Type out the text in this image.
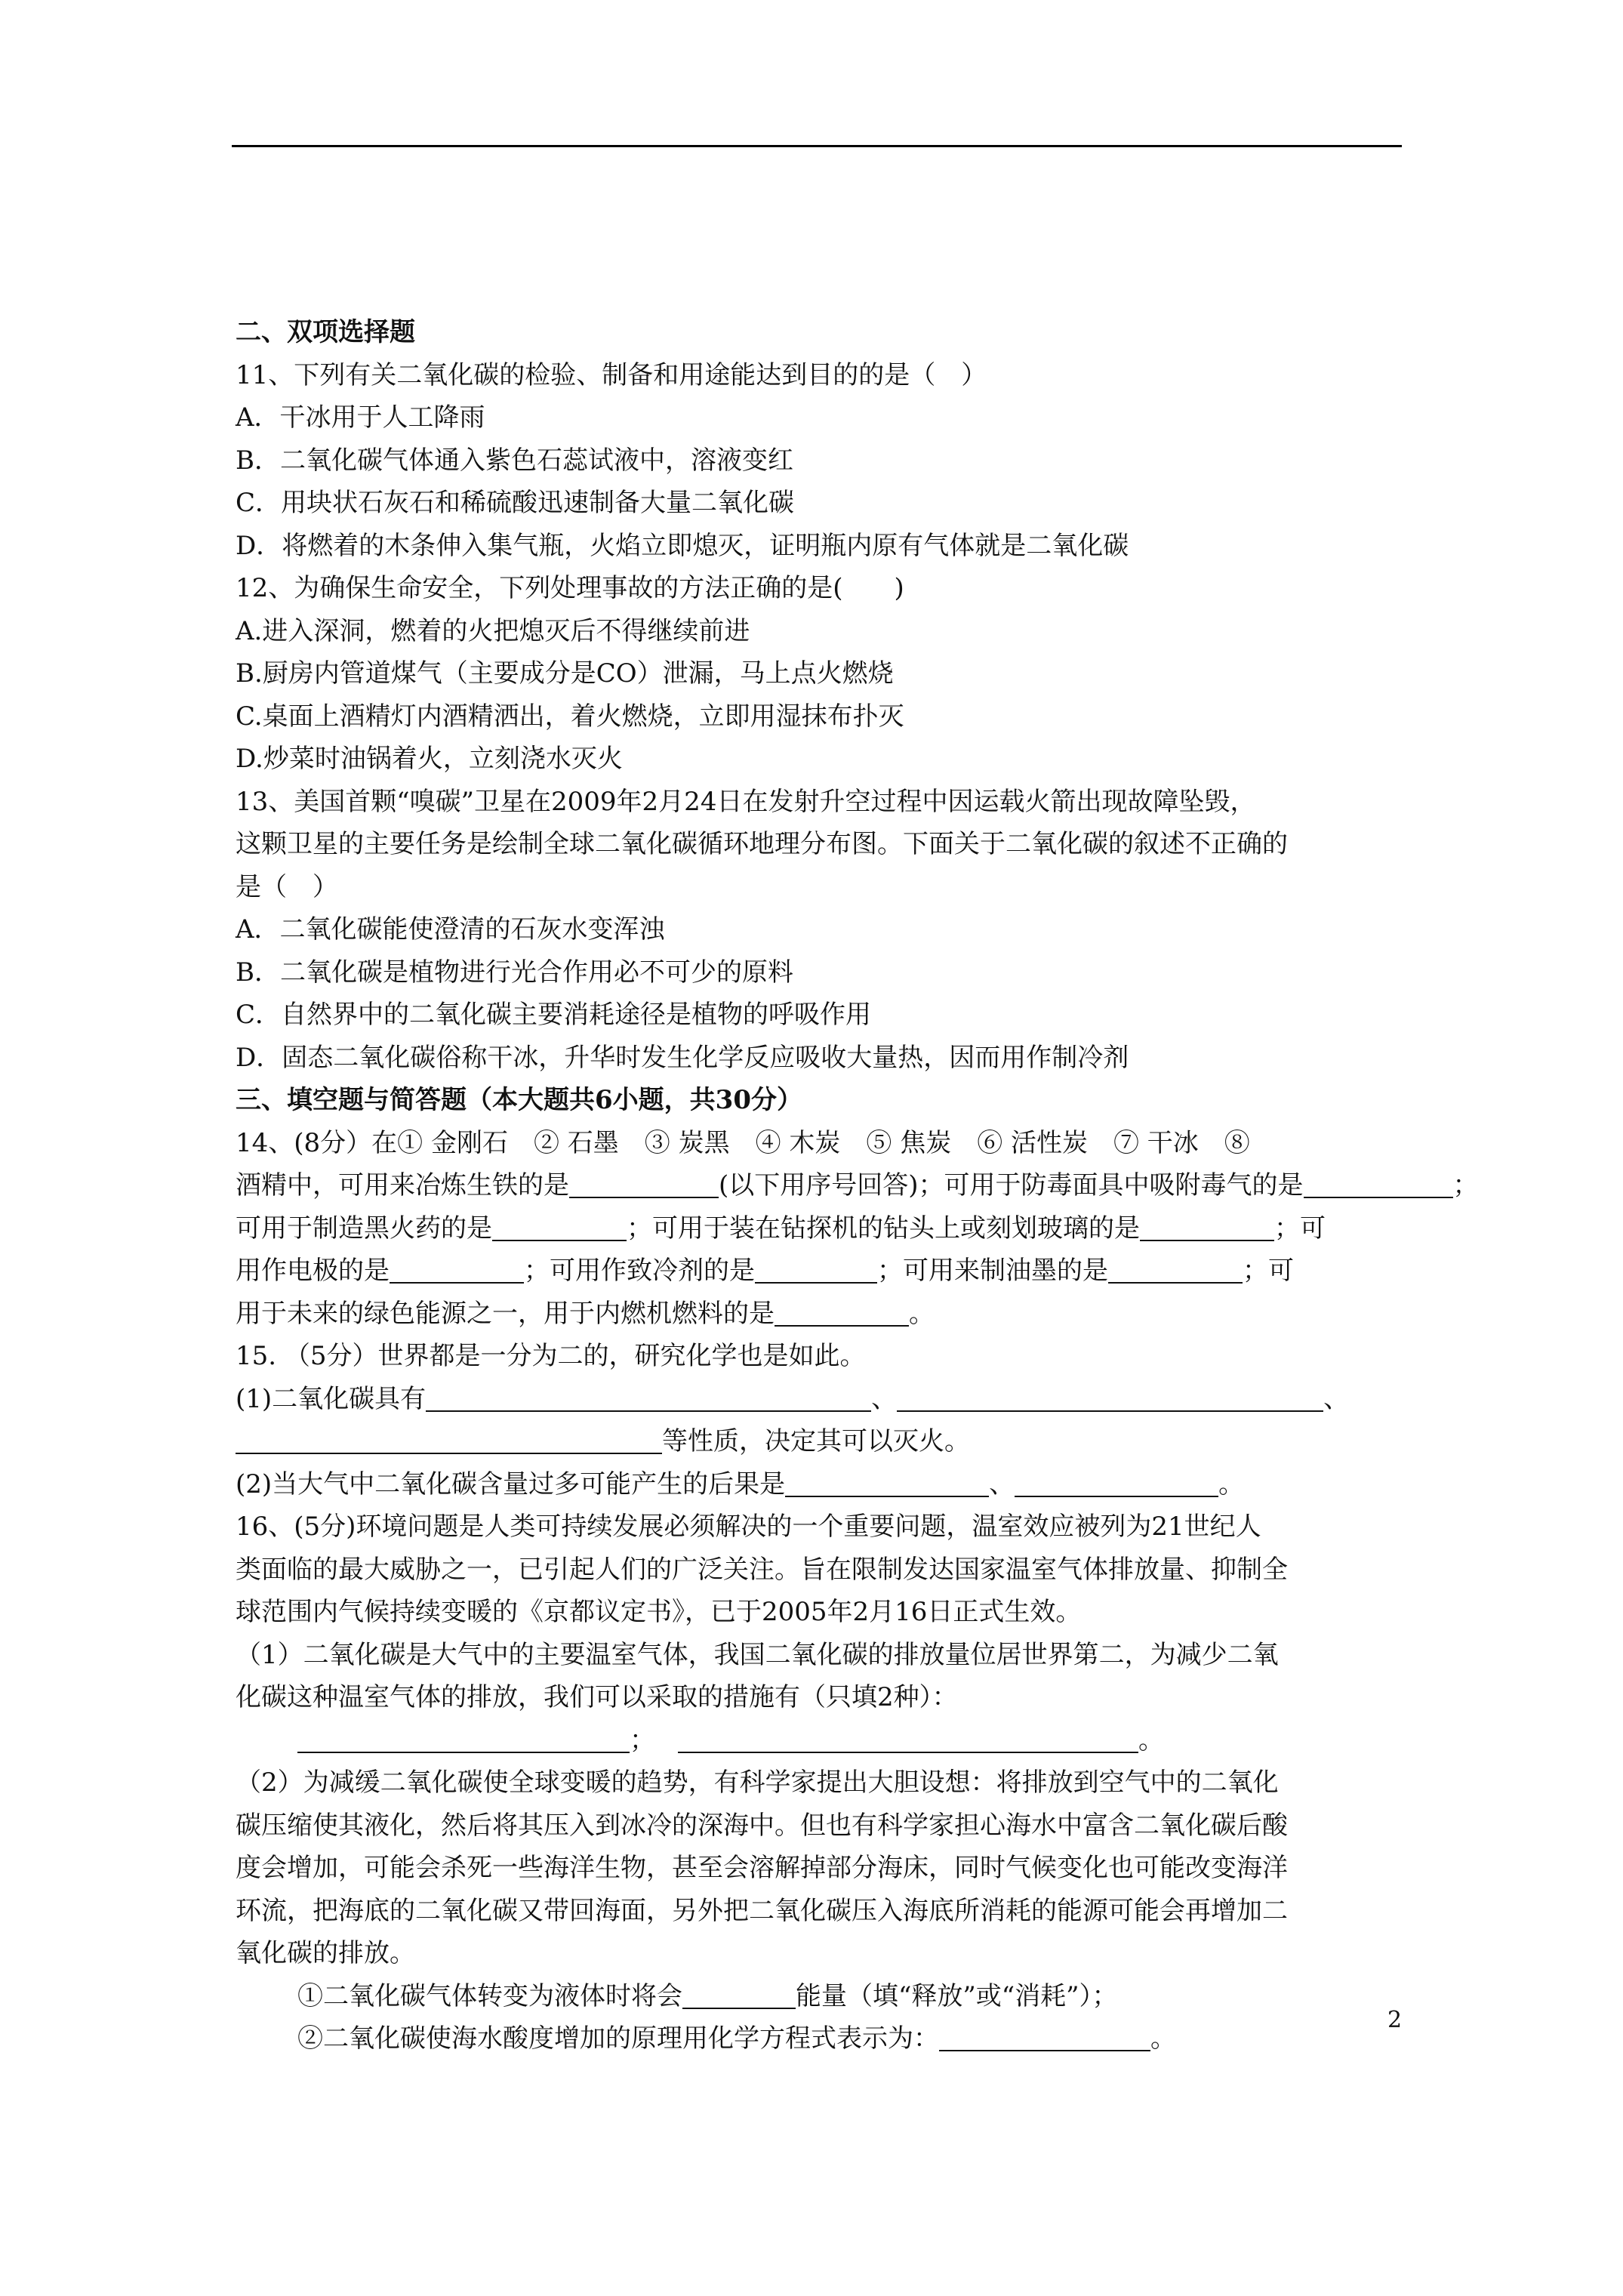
二、双项选择题
11、下列有关二氧化碳的检验、制备和用途能达到目的的是（　）
A．干冰用于人工降雨
B．二氧化碳气体通入紫色石蕊试液中，溶液变红
C．用块状石灰石和稀硫酸迅速制备大量二氧化碳
D．将燃着的木条伸入集气瓶，火焰立即熄灭，证明瓶内原有气体就是二氧化碳
12、为确保生命安全，下列处理事故的方法正确的是(　　)
A.进入深洞，燃着的火把熄灭后不得继续前进
B.厨房内管道煤气（主要成分是CO）泄漏，马上点火燃烧
C.桌面上酒精灯内酒精洒出，着火燃烧，立即用湿抹布扑灭
D.炒菜时油锅着火，立刻浇水灭火
13、美国首颗“嗅碳”卫星在2009年2月24日在发射升空过程中因运载火箭出现故障坠毁，
这颗卫星的主要任务是绘制全球二氧化碳循环地理分布图。下面关于二氧化碳的叙述不正确的
是（　）
A．二氧化碳能使澄清的石灰水变浑浊
B．二氧化碳是植物进行光合作用必不可少的原料
C．自然界中的二氧化碳主要消耗途径是植物的呼吸作用
D．固态二氧化碳俗称干冰，升华时发生化学反应吸收大量热，因而用作制冷剂
三、填空题与简答题（本大题共6小题，共30分）
14、(8分）在① 金刚石　② 石墨　③ 炭黑　④ 木炭　⑤ 焦炭　⑥ 活性炭　⑦ 干冰　⑧
酒精中，可用来冶炼生铁的是	(以下用序号回答)；可用于防毒面具中吸附毒气的是	；
可用于制造黑火药的是	；可用于装在钻探机的钻头上或刻划玻璃的是	；可
用作电极的是	；可用作致冷剂的是	；可用来制油墨的是	；可
用于未来的绿色能源之一，用于内燃机燃料的是	。
15. （5分）世界都是一分为二的，研究化学也是如此。
(1)二氧化碳具有	、	、
等性质，决定其可以灭火。
(2)当大气中二氧化碳含量过多可能产生的后果是	、	。
16、(5分)环境问题是人类可持续发展必须解决的一个重要问题，温室效应被列为21世纪人
类面临的最大威胁之一，已引起人们的广泛关注。旨在限制发达国家温室气体排放量、抑制全
球范围内气候持续变暖的《京都议定书》，已于2005年2月16日正式生效。
（1）二氧化碳是大气中的主要温室气体，我国二氧化碳的排放量位居世界第二，为减少二氧
化碳这种温室气体的排放，我们可以采取的措施有（只填2种）：
；	。
（2）为减缓二氧化碳使全球变暖的趋势，有科学家提出大胆设想：将排放到空气中的二氧化
碳压缩使其液化，然后将其压入到冰冷的深海中。但也有科学家担心海水中富含二氧化碳后酸
度会增加，可能会杀死一些海洋生物，甚至会溶解掉部分海床，同时气候变化也可能改变海洋
环流，把海底的二氧化碳又带回海面，另外把二氧化碳压入海底所消耗的能源可能会再增加二
氧化碳的排放。
①二氧化碳气体转变为液体时将会	能量（填“释放”或“消耗”）；
②二氧化碳使海水酸度增加的原理用化学方程式表示为：	。
2
